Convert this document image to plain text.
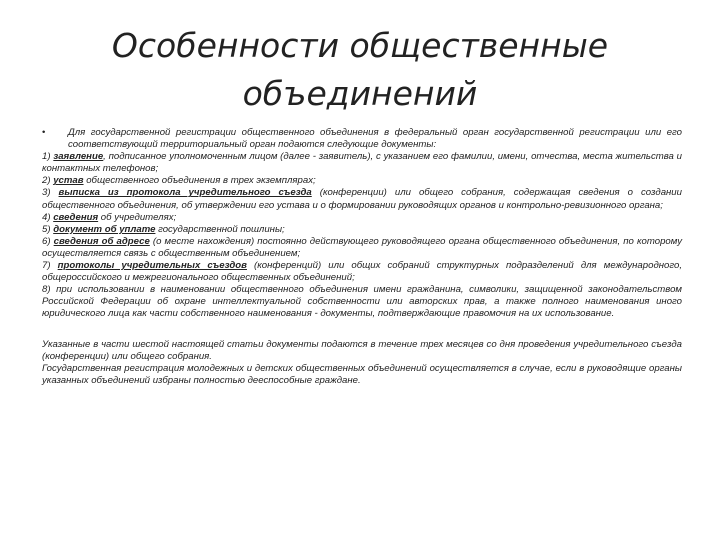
Особенности общественные
объединений

• Для государственной регистрации общественного объединения в федеральный орган государственной регистрации или его соответствующий территориальный орган подаются следующие документы:

1) заявление, подписанное уполномоченным лицом (далее - заявитель), с указанием его фамилии, имени, отчества, места жительства и контактных телефонов;

2) устав общественного объединения в трех экземплярах;

3) выписка из протокола учредительного съезда (конференции) или общего собрания, содержащая сведения о создании общественного объединения, об утверждении его устава и о формировании руководящих органов и контрольно-ревизионного органа;

4) сведения об учредителях;

5) документ об уплате государственной пошлины;

6) сведения об адресе (о месте нахождения) постоянно действующего руководящего органа общественного объединения, по которому осуществляется связь с общественным объединением;

7) протоколы учредительных съездов (конференций) или общих собраний структурных подразделений для международного, общероссийского и межрегионального общественных объединений;

8) при использовании в наименовании общественного объединения имени гражданина, символики, защищенной законодательством Российской Федерации об охране интеллектуальной собственности или авторских прав, а также полного наименования иного юридического лица как части собственного наименования - документы, подтверждающие правомочия на их использование.

Указанные в части шестой настоящей статьи документы подаются в течение трех месяцев со дня проведения учредительного съезда (конференции) или общего собрания.

Государственная регистрация молодежных и детских общественных объединений осуществляется в случае, если в руководящие органы указанных объединений избраны полностью дееспособные граждане.
